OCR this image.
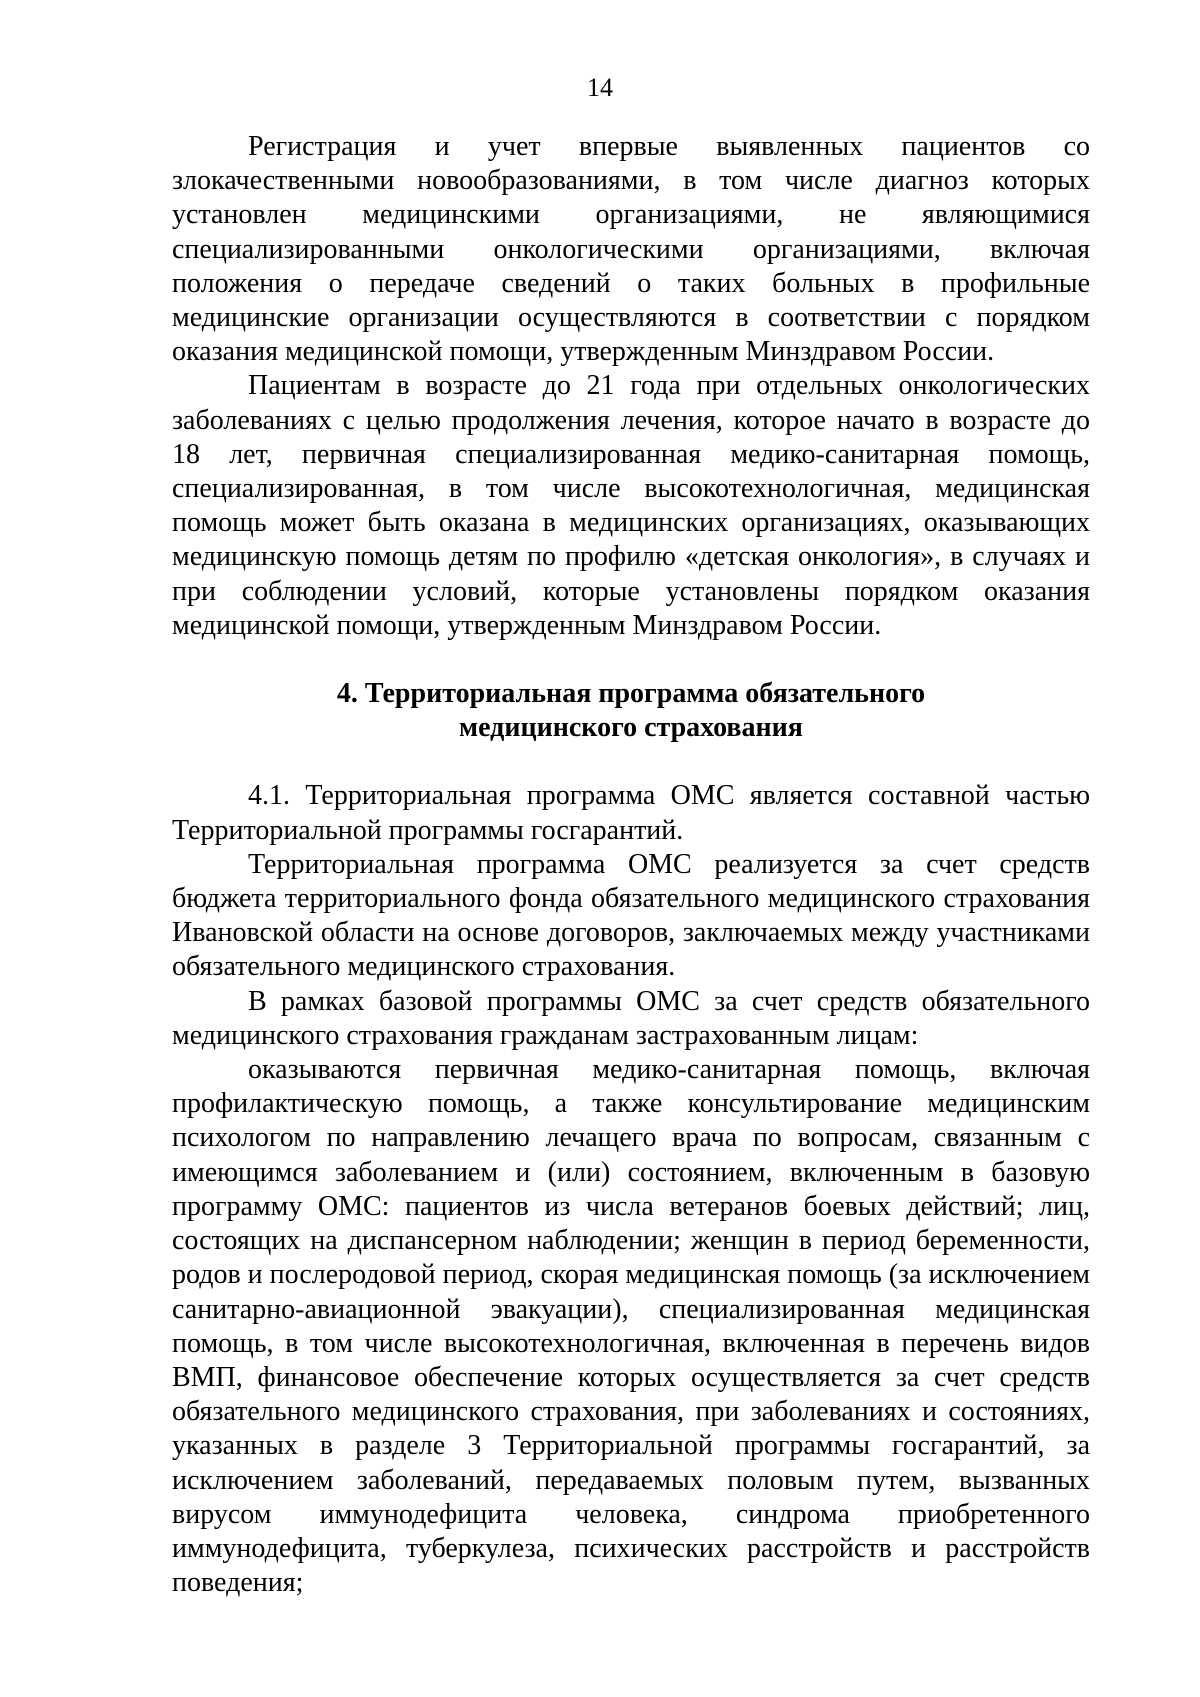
14

Регистрация и учет впервые выявленных пациентов со злокачественными новообразованиями, в том числе диагноз которых установлен медицинскими организациями, не являющимися специализированными онкологическими организациями, включая положения о передаче сведений о таких больных в профильные медицинские организации осуществляются в соответствии с порядком оказания медицинской помощи, утвержденным Минздравом России.

Пациентам в возрасте до 21 года при отдельных онкологических заболеваниях с целью продолжения лечения, которое начато в возрасте до 18 лет, первичная специализированная медико-санитарная помощь, специализированная, в том числе высокотехнологичная, медицинская помощь может быть оказана в медицинских организациях, оказывающих медицинскую помощь детям по профилю «детская онкология», в случаях и при соблюдении условий, которые установлены порядком оказания медицинской помощи, утвержденным Минздравом России.

4. Территориальная программа обязательного
медицинского страхования

4.1. Территориальная программа ОМС является составной частью Территориальной программы госгарантий.

Территориальная программа ОМС реализуется за счет средств бюджета территориального фонда обязательного медицинского страхования Ивановской области на основе договоров, заключаемых между участниками обязательного медицинского страхования.

В рамках базовой программы ОМС за счет средств обязательного медицинского страхования гражданам застрахованным лицам:

оказываются первичная медико-санитарная помощь, включая профилактическую помощь, а также консультирование медицинским психологом по направлению лечащего врача по вопросам, связанным с имеющимся заболеванием и (или) состоянием, включенным в базовую программу ОМС: пациентов из числа ветеранов боевых действий; лиц, состоящих на диспансерном наблюдении; женщин в период беременности, родов и послеродовой период, скорая медицинская помощь (за исключением санитарно-авиационной эвакуации), специализированная медицинская помощь, в том числе высокотехнологичная, включенная в перечень видов ВМП, финансовое обеспечение которых осуществляется за счет средств обязательного медицинского страхования, при заболеваниях и состояниях, указанных в разделе 3 Территориальной программы госгарантий, за исключением заболеваний, передаваемых половым путем, вызванных вирусом иммунодефицита человека, синдрома приобретенного иммунодефицита, туберкулеза, психических расстройств и расстройств поведения;
